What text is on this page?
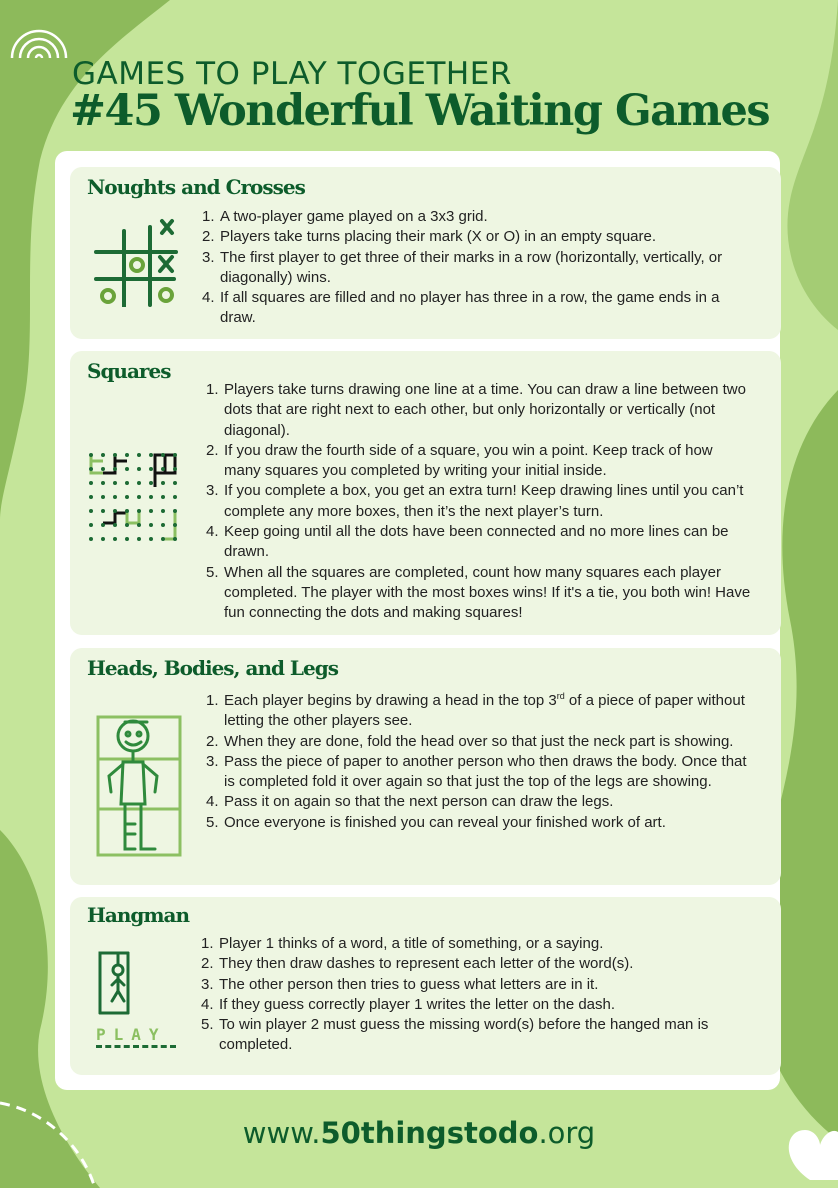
GAMES TO PLAY TOGETHER
#45 Wonderful Waiting Games
Noughts and Crosses
1. A two-player game played on a 3x3 grid.
2. Players take turns placing their mark (X or O) in an empty square.
3. The first player to get three of their marks in a row (horizontally, vertically, or diagonally) wins.
4. If all squares are filled and no player has three in a row, the game ends in a draw.
Squares
1. Players take turns drawing one line at a time. You can draw a line between two dots that are right next to each other, but only horizontally or vertically (not diagonal).
2. If you draw the fourth side of a square, you win a point. Keep track of how many squares you completed by writing your initial inside.
3. If you complete a box, you get an extra turn! Keep drawing lines until you can’t complete any more boxes, then it’s the next player’s turn.
4. Keep going until all the dots have been connected and no more lines can be drawn.
5. When all the squares are completed, count how many squares each player completed. The player with the most boxes wins! If it's a tie, you both win! Have fun connecting the dots and making squares!
Heads, Bodies, and Legs
1. Each player begins by drawing a head in the top 3rd of a piece of paper without letting the other players see.
2. When they are done, fold the head over so that just the neck part is showing.
3. Pass the piece of paper to another person who then draws the body. Once that is completed fold it over again so that just the top of the legs are showing.
4. Pass it on again so that the next person can draw the legs.
5. Once everyone is finished you can reveal your finished work of art.
Hangman
PLAY
1. Player 1 thinks of a word, a title of something, or a saying.
2. They then draw dashes to represent each letter of the word(s).
3. The other person then tries to guess what letters are in it.
4. If they guess correctly player 1 writes the letter on the dash.
5. To win player 2 must guess the missing word(s) before the hanged man is completed.
www.50thingstodo.org
